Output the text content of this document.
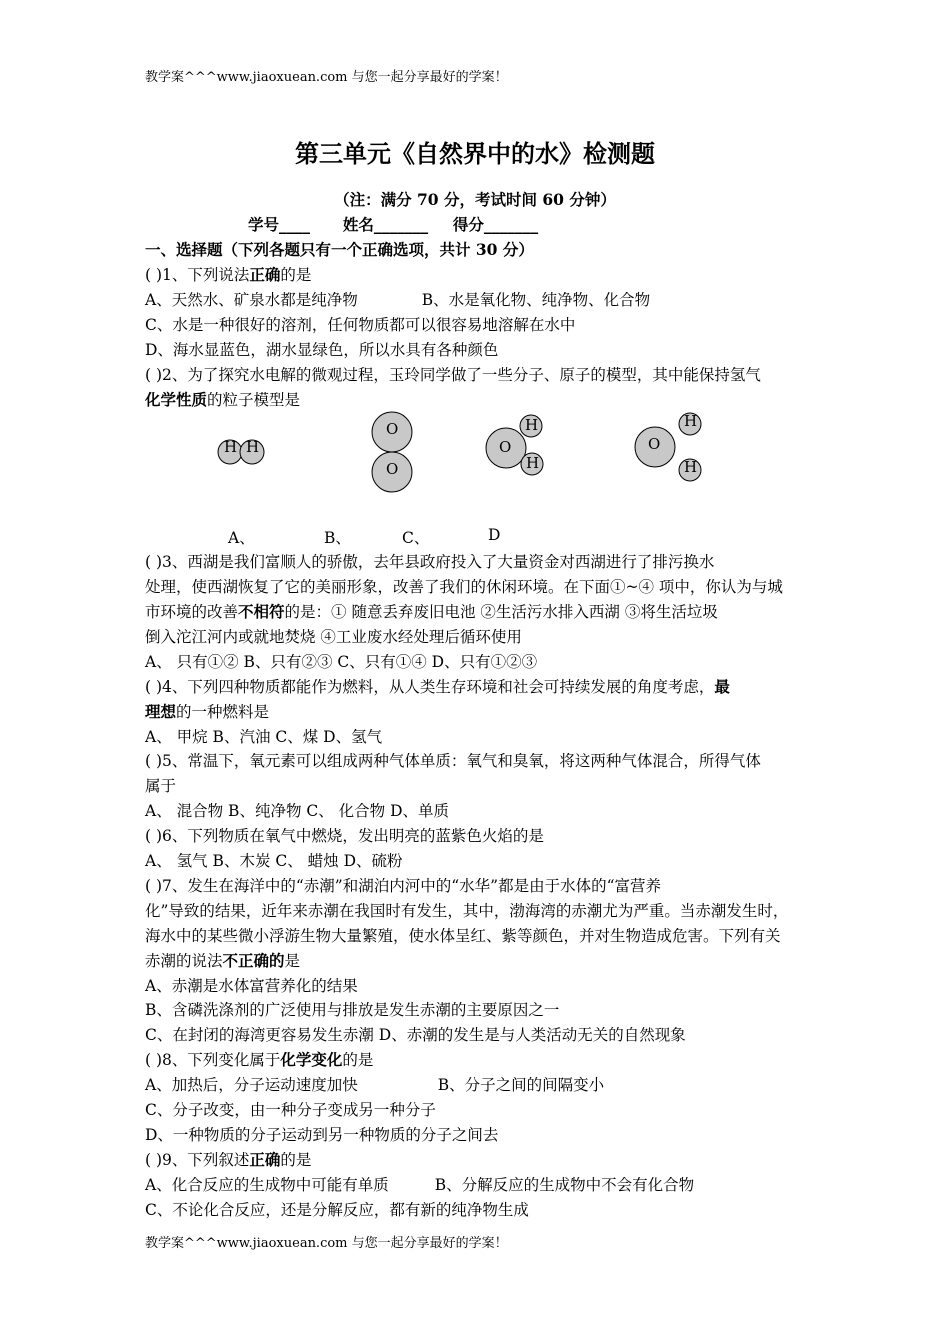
教学案^^^www.jiaoxuean.com 与您一起分享最好的学案！
第三单元《自然界中的水》检测题
（注：满分 70 分，考试时间 60 分钟）
学号____ 姓名_______ 得分_______
一、选择题（下列各题只有一个正确选项，共计 30 分）
( )1、下列说法正确的是
A、天然水、矿泉水都是纯净物	B、水是氧化物、纯净物、化合物
C、水是一种很好的溶剂，任何物质都可以很容易地溶解在水中
D、海水显蓝色，湖水显绿色，所以水具有各种颜色
( )2、为了探究水电解的微观过程，玉玲同学做了一些分子、原子的模型，其中能保持氢气
化学性质的粒子模型是
H H
O
O
O
H
H
O
H
H
A、	B、	C、	D
( )3、西湖是我们富顺人的骄傲，去年县政府投入了大量资金对西湖进行了排污换水
处理，使西湖恢复了它的美丽形象，改善了我们的休闲环境。在下面①~④ 项中，你认为与城
市环境的改善不相符的是：① 随意丢弃废旧电池 ②生活污水排入西湖 ③将生活垃圾
倒入沱江河内或就地焚烧 ④工业废水经处理后循环使用
A、 只有①② B、只有②③ C、只有①④ D、只有①②③
( )4、下列四种物质都能作为燃料，从人类生存环境和社会可持续发展的角度考虑，最
理想的一种燃料是
A、 甲烷 B、汽油 C、煤 D、氢气
( )5、常温下，氧元素可以组成两种气体单质：氧气和臭氧，将这两种气体混合，所得气体
属于
A、 混合物 B、纯净物 C、 化合物 D、单质
( )6、下列物质在氧气中燃烧，发出明亮的蓝紫色火焰的是
A、 氢气 B、木炭 C、 蜡烛 D、硫粉
( )7、发生在海洋中的“赤潮”和湖泊内河中的“水华”都是由于水体的“富营养
化”导致的结果，近年来赤潮在我国时有发生，其中，渤海湾的赤潮尤为严重。当赤潮发生时，
海水中的某些微小浮游生物大量繁殖，使水体呈红、紫等颜色，并对生物造成危害。下列有关
赤潮的说法不正确的是
A、赤潮是水体富营养化的结果
B、含磷洗涤剂的广泛使用与排放是发生赤潮的主要原因之一
C、在封闭的海湾更容易发生赤潮 D、赤潮的发生是与人类活动无关的自然现象
( )8、下列变化属于化学变化的是
A、加热后，分子运动速度加快	B、分子之间的间隔变小
C、分子改变，由一种分子变成另一种分子
D、一种物质的分子运动到另一种物质的分子之间去
( )9、下列叙述正确的是
A、化合反应的生成物中可能有单质	B、分解反应的生成物中不会有化合物
C、不论化合反应，还是分解反应，都有新的纯净物生成
教学案^^^www.jiaoxuean.com 与您一起分享最好的学案！
